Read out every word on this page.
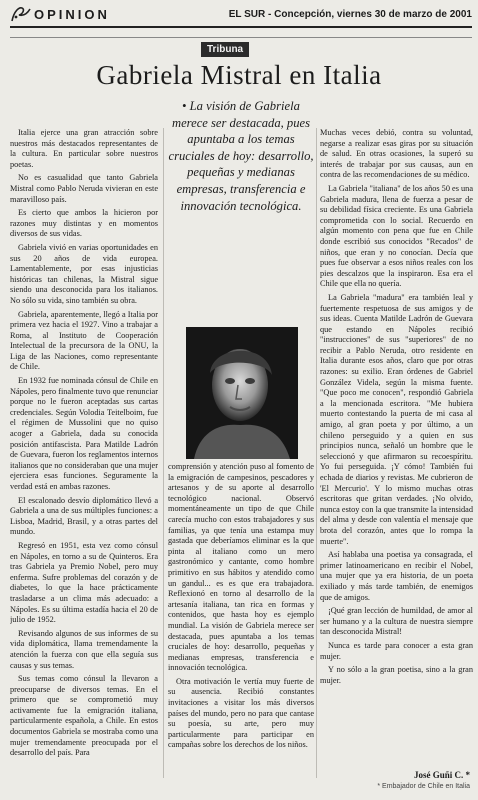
OPINION	EL SUR - Concepción, viernes 30 de marzo de 2001
Tribuna
Gabriela Mistral en Italia

Italia ejerce una gran atracción sobre nuestros más destacados representantes de la cultura. En particular sobre nuestros poetas.

No es casualidad que tanto Gabriela Mistral como Pablo Neruda vivieran en este maravilloso país.

Es cierto que ambos la hicieron por razones muy distintas y en momentos diversos de sus vidas.

Gabriela vivió en varias oportunidades en sus 20 años de vida europea. Lamentablemente, por esas injusticias históricas tan chilenas, la Mistral sigue siendo una desconocida para los italianos. No sólo su vida, sino también su obra.

Gabriela, aparentemente, llegó a Italia por primera vez hacia el 1927. Vino a trabajar a Roma, al Instituto de Cooperación Intelectual de la precursora de la ONU, la Liga de las Naciones, como representante de Chile.

En 1932 fue nominada cónsul de Chile en Nápoles, pero finalmente tuvo que renunciar porque no le fueron aceptadas sus cartas credenciales. Según Volodia Teitelboim, fue el régimen de Mussolini que no quiso acoger a Gabriela, dada su conocida posición antifascista. Para Matilde Ladrón de Guevara, fueron los reglamentos internos italianos que no consideraban que una mujer ejerciera esas funciones. Seguramente la verdad está en ambas razones.

El escalonado desvío diplomático llevó a Gabriela a una de sus múltiples funciones: a Lisboa, Madrid, Brasil, y a otras partes del mundo.

Regresó en 1951, esta vez como cónsul en Nápoles, en torno a su de Quinteros. Era tras Gabriela ya Premio Nobel, pero muy enferma. Sufre problemas del corazón y de diabetes, lo que la hace prácticamente trasladarse a un clima más adecuado: a Nápoles. Es su última estadía hacia el 20 de julio de 1952.

Revisando algunos de sus informes de su vida diplomática, llama tremendamente la atención la fuerza con que ella seguía sus causas y sus temas.

Sus temas como cónsul la llevaron a preocuparse de diversos temas. En el primero que se comprometió muy activamente fue la emigración italiana, particularmente española, a Chile. En estos documentos Gabriela se mostraba como una mujer tremendamente preocupada por el desarrollo del país. Para

• La visión de Gabriela merece ser destacada, pues apuntaba a los temas cruciales de hoy: desarrollo, pequeñas y medianas empresas, transferencia e innovación tecnológica.

comprensión y atención puso al fomento de la emigración de campesinos, pescadores y artesanos y de su aporte al desarrollo tecnológico nacional. Observó momentáneamente un tipo de que Chile carecía mucho con estos trabajadores y sus familias, ya que tenía una estampa muy gastada que deberíamos eliminar es la que pinta al italiano como un mero gastronómico y cantante, como hombre primitivo en sus hábitos y atendido como un gandul... es es que era trabajadora. Reflexionó en torno al desarrollo de la artesanía italiana, tan rica en formas y contenidos, que hasta hoy es ejemplo mundial. La visión de Gabriela merece ser destacada, pues apuntaba a los temas cruciales de hoy: desarrollo, pequeñas y medianas empresas, transferencia e innovación tecnológica.

Otra motivación le vertía muy fuerte de su ausencia. Recibió constantes invitaciones a visitar los más diversos países del mundo, pero no para que cantase su poesía, su arte, pero muy particularmente para participar en campañas sobre los derechos de los niños.

Muchas veces debió, contra su voluntad, negarse a realizar esas giras por su situación de salud. En otras ocasiones, la superó su interés de trabajar por sus causas, aun en contra de las recomendaciones de su médico.

La Gabriela "italiana" de los años 50 es una Gabriela madura, llena de fuerza a pesar de su debilidad física creciente. Es una Gabriela comprometida con lo social. Recuerdo en algún momento con pena que fue en Chile donde escribió sus conocidos "Recados" de niños, que eran y no conocían. Decía que pues fue observar a esos niños reales con los pies descalzos que la inspiraron. Esa era el Chile que ella no quería.

La Gabriela "madura" era también leal y fuertemente respetuosa de sus amigos y de sus ideas. Cuenta Matilde Ladrón de Guevara que estando en Nápoles recibió "instrucciones" de sus "superiores" de no recibir a Pablo Neruda, otro residente en Italia durante esos años, claro que por otras razones: su exilio. Eran órdenes de Gabriel González Videla, según la misma fuente. "Que poco me conocen", respondió Gabriela a la mencionada escritora. "Me hubiera muerto contestando la puerta de mi casa al amigo, al gran poeta y por último, a un chileno perseguido y a quien en sus principios nunca, señaló un hombre que le seleccionó y que afirmaron su recoespíritu. Yo fui perseguida. ¡Y cómo! También fui echada de diarios y revistas. Me cubrieron de 'El Mercurio'. Y lo mismo muchas otras escritoras que gritan verdades. ¡No olvido, nunca estoy con la que transmite la intensidad del alma y desde con valentía el mensaje que brota del corazón, antes que lo rompa la muerte".

Así hablaba una poetisa ya consagrada, el primer latinoamericano en recibir el Nobel, una mujer que ya era historia, de un poeta exiliado y más tarde también, de enemigos que de amigos.

¡Qué gran lección de humildad, de amor al ser humano y a la cultura de nuestra siempre tan desconocida Mistral!

Nunca es tarde para conocer a esta gran mujer.

Y no sólo a la gran poetisa, sino a la gran mujer.

José Guñi C. *
* Embajador de Chile en Italia
